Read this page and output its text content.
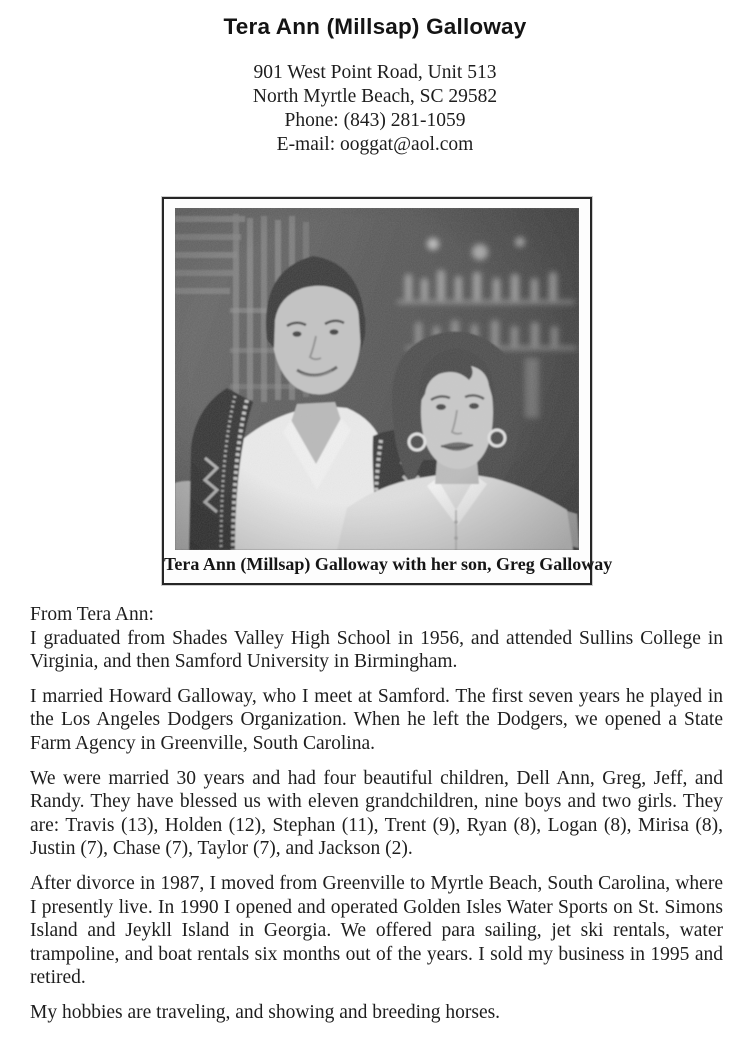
Tera Ann (Millsap) Galloway
901 West Point Road, Unit 513
North Myrtle Beach, SC 29582
Phone: (843) 281-1059
E-mail: ooggat@aol.com
Tera Ann (Millsap) Galloway with her son, Greg Galloway
From Tera Ann:

I graduated from Shades Valley High School in 1956, and attended Sullins College in Virginia, and then Samford University in Birmingham.

I married Howard Galloway, who I meet at Samford. The first seven years he played in the Los Angeles Dodgers Organization. When he left the Dodgers, we opened a State Farm Agency in Greenville, South Carolina.

We were married 30 years and had four beautiful children, Dell Ann, Greg, Jeff, and Randy. They have blessed us with eleven grandchildren, nine boys and two girls. They are: Travis (13), Holden (12), Stephan (11), Trent (9), Ryan (8), Logan (8), Mirisa (8), Justin (7), Chase (7), Taylor (7), and Jackson (2).

After divorce in 1987, I moved from Greenville to Myrtle Beach, South Carolina, where I presently live. In 1990 I opened and operated Golden Isles Water Sports on St. Simons Island and Jeykll Island in Georgia. We offered para sailing, jet ski rentals, water trampoline, and boat rentals six months out of the years. I sold my business in 1995 and retired.

My hobbies are traveling, and showing and breeding horses.
